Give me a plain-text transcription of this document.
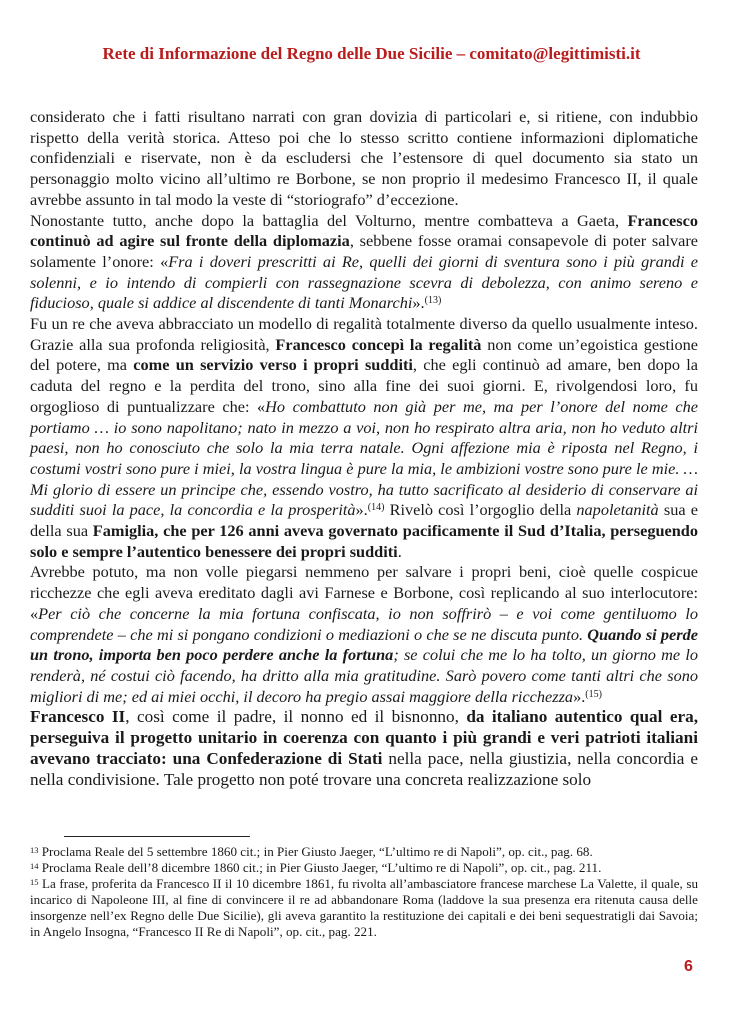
Rete di Informazione del Regno delle Due Sicilie – comitato@legittimisti.it

considerato che i fatti risultano narrati con gran dovizia di particolari e, si ritiene, con indubbio rispetto della verità storica. Atteso poi che lo stesso scritto contiene informazioni diplomatiche confidenziali e riservate, non è da escludersi che l’estensore di quel documento sia stato un personaggio molto vicino all’ultimo re Borbone, se non proprio il medesimo Francesco II, il quale avrebbe assunto in tal modo la veste di “storiografo” d’eccezione.

Nonostante tutto, anche dopo la battaglia del Volturno, mentre combatteva a Gaeta, Francesco continuò ad agire sul fronte della diplomazia, sebbene fosse oramai consapevole di poter salvare solamente l’onore: «Fra i doveri prescritti ai Re, quelli dei giorni di sventura sono i più grandi e solenni, e io intendo di compierli con rassegnazione scevra di debolezza, con animo sereno e fiducioso, quale si addice al discendente di tanti Monarchi».$^{(13)}$

Fu un re che aveva abbracciato un modello di regalità totalmente diverso da quello usualmente inteso. Grazie alla sua profonda religiosità, Francesco concepì la regalità non come un’egoistica gestione del potere, ma come un servizio verso i propri sudditi, che egli continuò ad amare, ben dopo la caduta del regno e la perdita del trono, sino alla fine dei suoi giorni. E, rivolgendosi loro, fu orgoglioso di puntualizzare che: «Ho combattuto non già per me, ma per l’onore del nome che portiamo … io sono napolitano; nato in mezzo a voi, non ho respirato altra aria, non ho veduto altri paesi, non ho conosciuto che solo la mia terra natale. Ogni affezione mia è riposta nel Regno, i costumi vostri sono pure i miei, la vostra lingua è pure la mia, le ambizioni vostre sono pure le mie. … Mi glorio di essere un principe che, essendo vostro, ha tutto sacrificato al desiderio di conservare ai sudditi suoi la pace, la concordia e la prosperità».$^{(14)}$ Rivelò così l’orgoglio della napoletanità sua e della sua Famiglia, che per 126 anni aveva governato pacificamente il Sud d’Italia, perseguendo solo e sempre l’autentico benessere dei propri sudditi.

Avrebbe potuto, ma non volle piegarsi nemmeno per salvare i propri beni, cioè quelle cospicue ricchezze che egli aveva ereditato dagli avi Farnese e Borbone, così replicando al suo interlocutore: «Per ciò che concerne la mia fortuna confiscata, io non soffrirò – e voi come gentiluomo lo comprendete – che mi si pongano condizioni o mediazioni o che se ne discuta punto. Quando si perde un trono, importa ben poco perdere anche la fortuna; se colui che me lo ha tolto, un giorno me lo renderà, né costui ciò facendo, ha dritto alla mia gratitudine. Sarò povero come tanti altri che sono migliori di me; ed ai miei occhi, il decoro ha pregio assai maggiore della ricchezza».$^{(15)}$

Francesco II, così come il padre, il nonno ed il bisnonno, da italiano autentico qual era, perseguiva il progetto unitario in coerenza con quanto i più grandi e veri patrioti italiani avevano tracciato: una Confederazione di Stati nella pace, nella giustizia, nella concordia e nella condivisione. Tale progetto non poté trovare una concreta realizzazione solo

$^{13}$ Proclama Reale del 5 settembre 1860 cit.; in Pier Giusto Jaeger, “L’ultimo re di Napoli”, op. cit., pag. 68.

$^{14}$ Proclama Reale dell’8 dicembre 1860 cit.; in Pier Giusto Jaeger, “L’ultimo re di Napoli”, op. cit., pag. 211.

$^{15}$ La frase, proferita da Francesco II il 10 dicembre 1861, fu rivolta all’ambasciatore francese marchese La Valette, il quale, su incarico di Napoleone III, al fine di convincere il re ad abbandonare Roma (laddove la sua presenza era ritenuta causa delle insorgenze nell’ex Regno delle Due Sicilie), gli aveva garantito la restituzione dei capitali e dei beni sequestratigli dai Savoia; in Angelo Insogna, “Francesco II Re di Napoli”, op. cit., pag. 221.

6
